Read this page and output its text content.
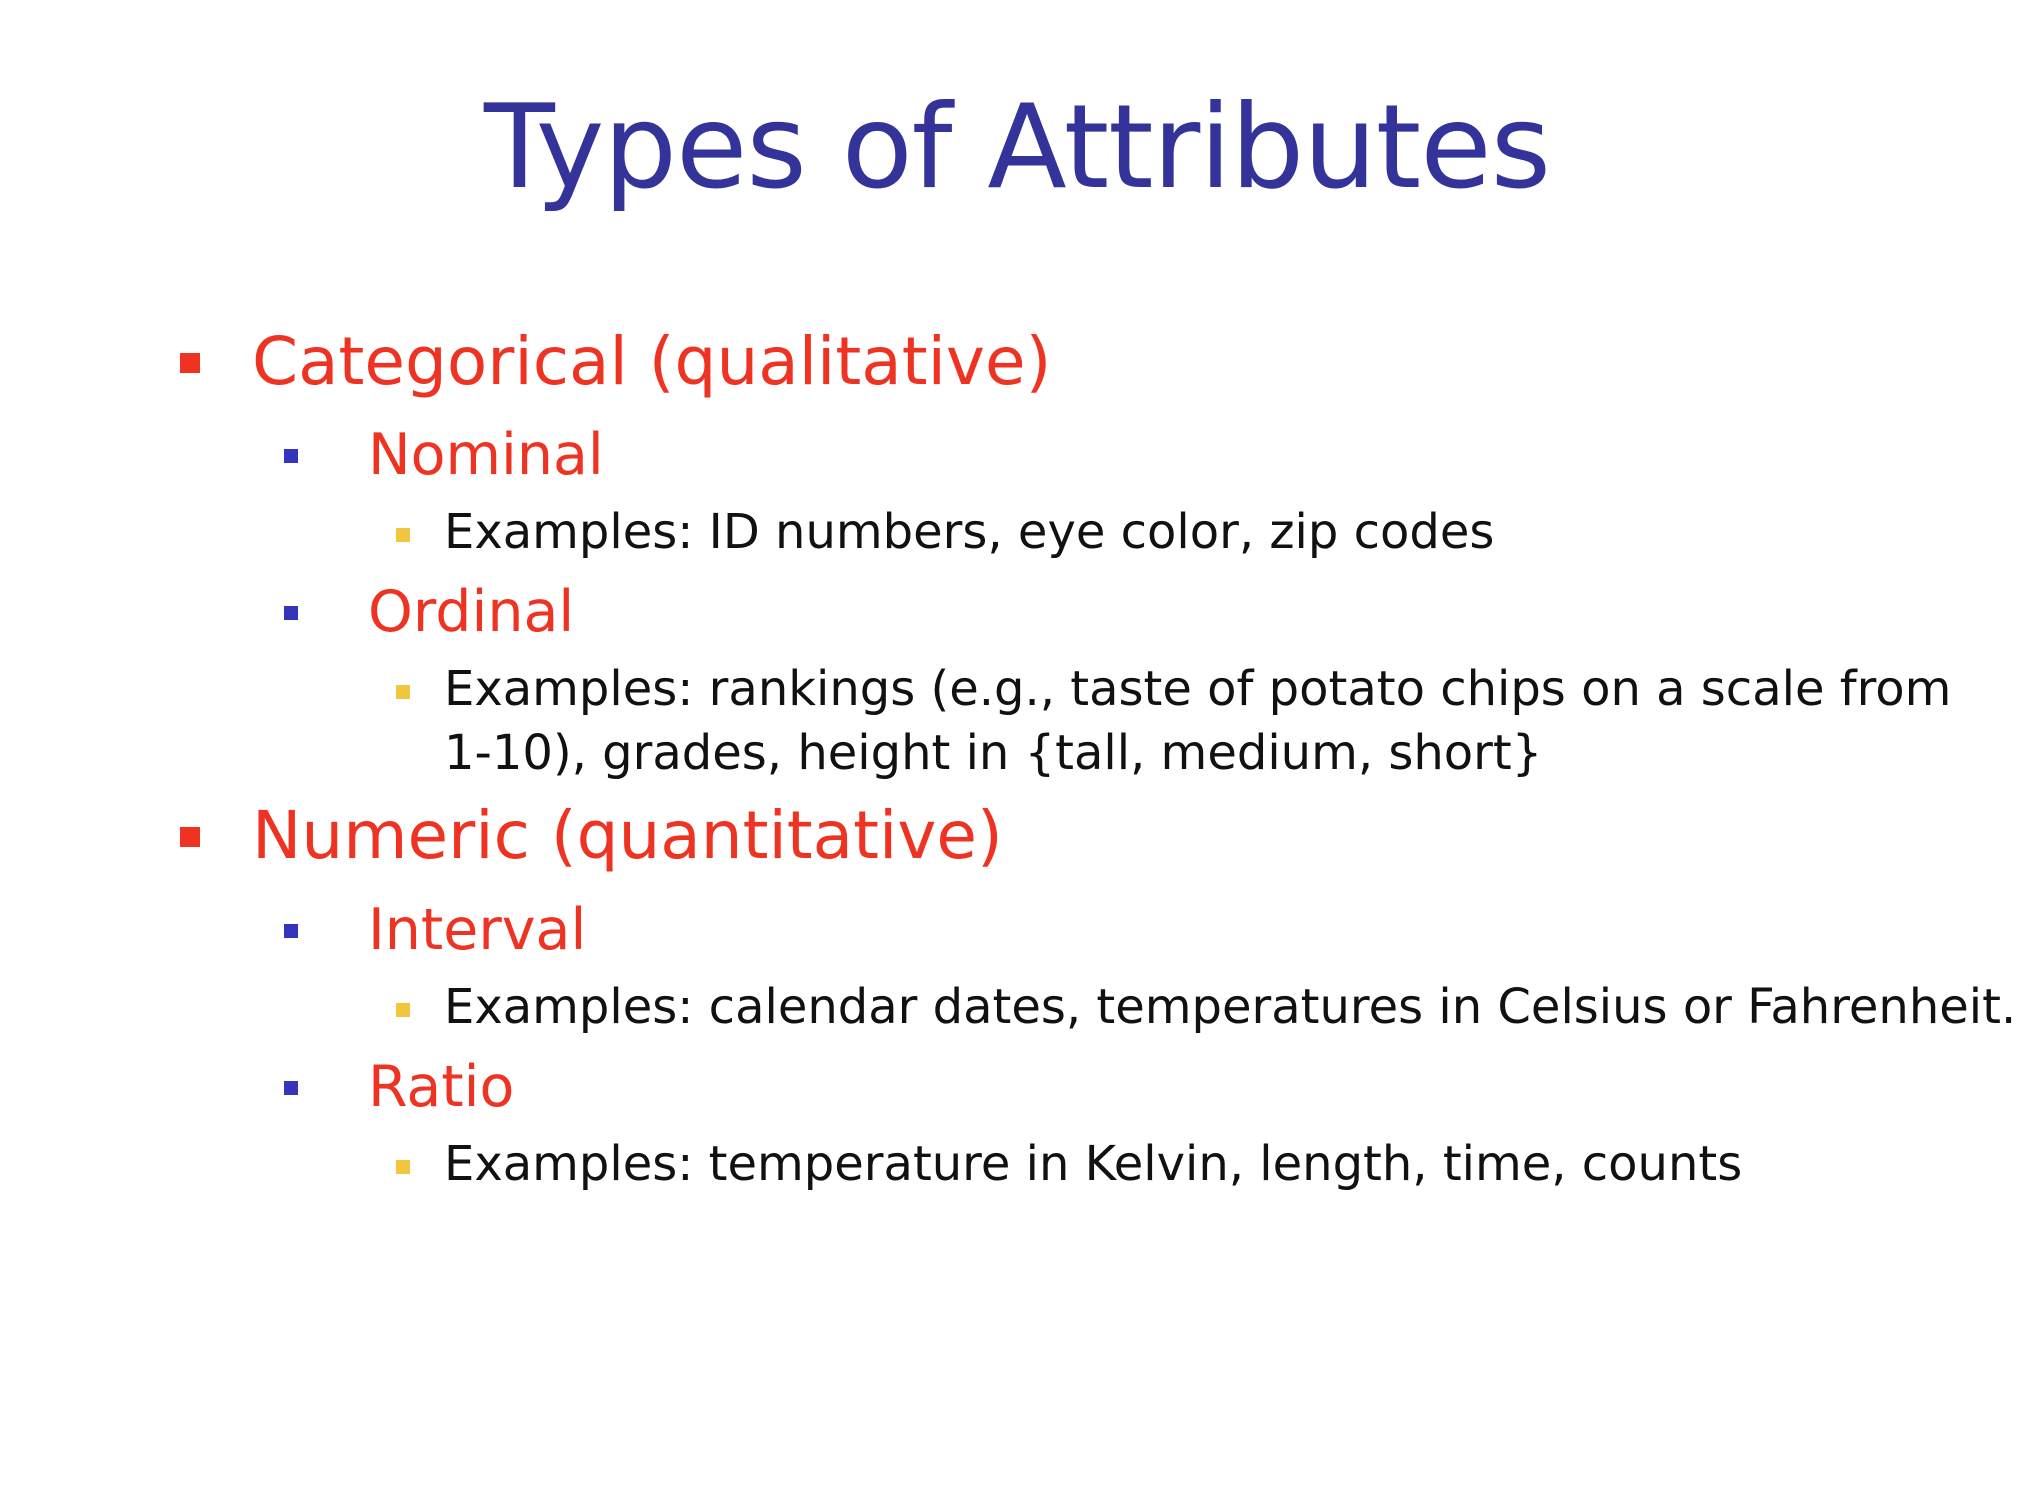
Types of Attributes
Categorical (qualitative)
Nominal
Examples: ID numbers, eye color, zip codes
Ordinal
Examples: rankings (e.g., taste of potato chips on a scale from
1-10), grades, height in {tall, medium, short}
Numeric (quantitative)
Interval
Examples: calendar dates, temperatures in Celsius or Fahrenheit.
Ratio
Examples: temperature in Kelvin, length, time, counts
